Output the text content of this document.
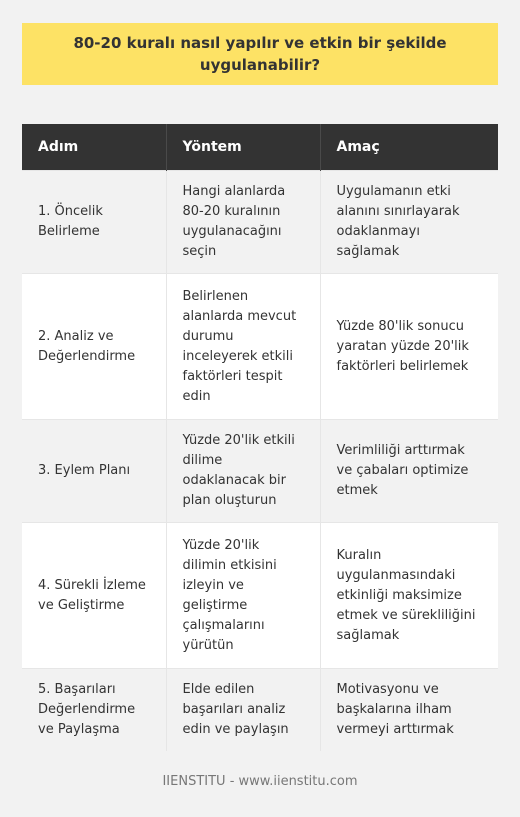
80-20 kuralı nasıl yapılır ve etkin bir şekilde uygulanabilir?
Adım	Yöntem	Amaç
1. Öncelik Belirleme	Hangi alanlarda 80-20 kuralının uygulanacağını seçin	Uygulamanın etki alanını sınırlayarak odaklanmayı sağlamak
2. Analiz ve Değerlendirme	Belirlenen alanlarda mevcut durumu inceleyerek etkili faktörleri tespit edin	Yüzde 80'lik sonucu yaratan yüzde 20'lik faktörleri belirlemek
3. Eylem Planı	Yüzde 20'lik etkili dilime odaklanacak bir plan oluşturun	Verimliliği arttırmak ve çabaları optimize etmek
4. Sürekli İzleme ve Geliştirme	Yüzde 20'lik dilimin etkisini izleyin ve geliştirme çalışmalarını yürütün	Kuralın uygulanmasındaki etkinliği maksimize etmek ve sürekliliğini sağlamak
5. Başarıları Değerlendirme ve Paylaşma	Elde edilen başarıları analiz edin ve paylaşın	Motivasyonu ve başkalarına ilham vermeyi arttırmak
IIENSTITU - www.iienstitu.com
